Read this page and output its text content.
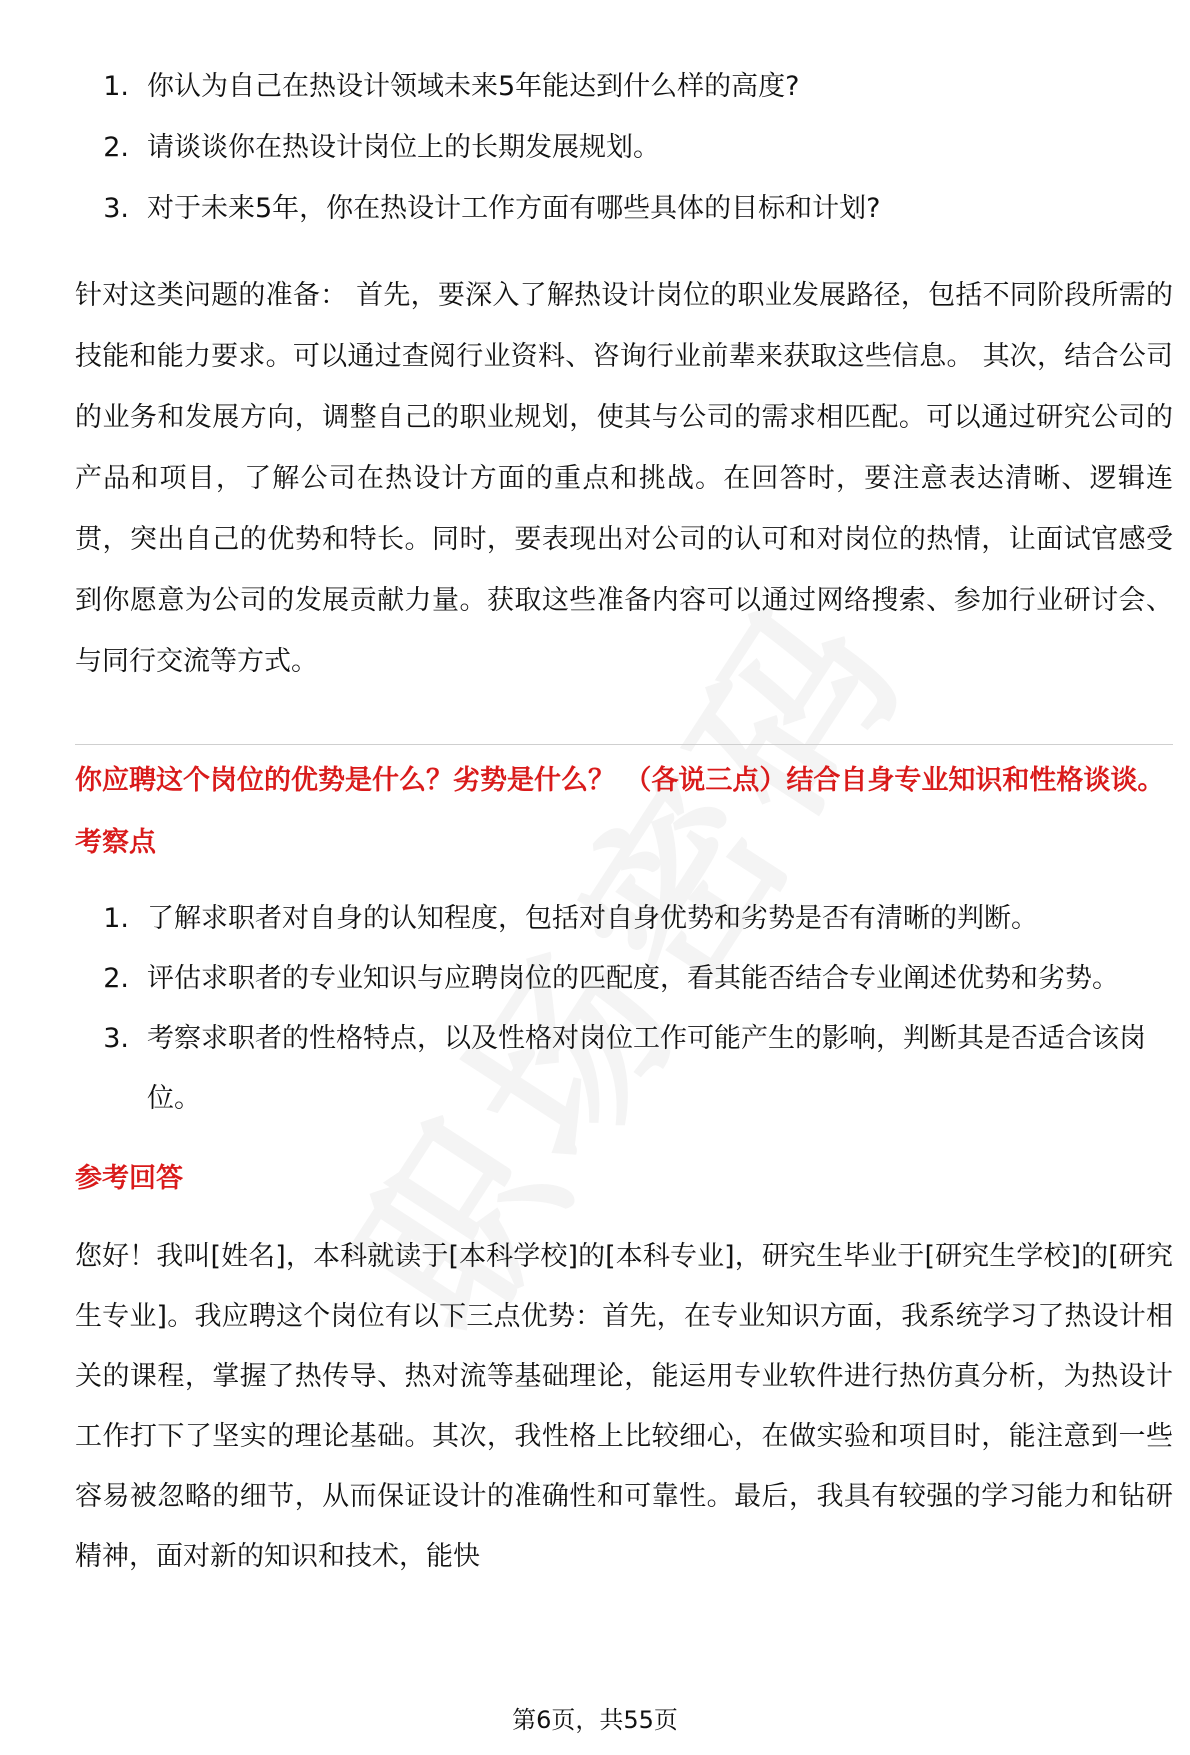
1. 你认为自己在热设计领域未来5年能达到什么样的高度?
2. 请谈谈你在热设计岗位上的长期发展规划。
3. 对于未来5年，你在热设计工作方面有哪些具体的目标和计划?

针对这类问题的准备： 首先，要深入了解热设计岗位的职业发展路径，包括不同阶段所需的技能和能力要求。可以通过查阅行业资料、咨询行业前辈来获取这些信息。 其次，结合公司的业务和发展方向，调整自己的职业规划，使其与公司的需求相匹配。可以通过研究公司的产品和项目，了解公司在热设计方面的重点和挑战。在回答时，要注意表达清晰、逻辑连贯，突出自己的优势和特长。同时，要表现出对公司的认可和对岗位的热情，让面试官感受到你愿意为公司的发展贡献力量。获取这些准备内容可以通过网络搜索、参加行业研讨会、与同行交流等方式。

你应聘这个岗位的优势是什么？劣势是什么？ （各说三点）结合自身专业知识和性格谈谈。
考察点
1. 了解求职者对自身的认知程度，包括对自身优势和劣势是否有清晰的判断。
2. 评估求职者的专业知识与应聘岗位的匹配度，看其能否结合专业阐述优势和劣势。
3. 考察求职者的性格特点，以及性格对岗位工作可能产生的影响，判断其是否适合该岗位。
参考回答

您好！我叫[姓名]，本科就读于[本科学校]的[本科专业]，研究生毕业于[研究生学校]的[研究生专业]。我应聘这个岗位有以下三点优势：首先，在专业知识方面，我系统学习了热设计相关的课程，掌握了热传导、热对流等基础理论，能运用专业软件进行热仿真分析，为热设计工作打下了坚实的理论基础。其次，我性格上比较细心，在做实验和项目时，能注意到一些容易被忽略的细节，从而保证设计的准确性和可靠性。最后，我具有较强的学习能力和钻研精神，面对新的知识和技术，能快

第6页，共55页
